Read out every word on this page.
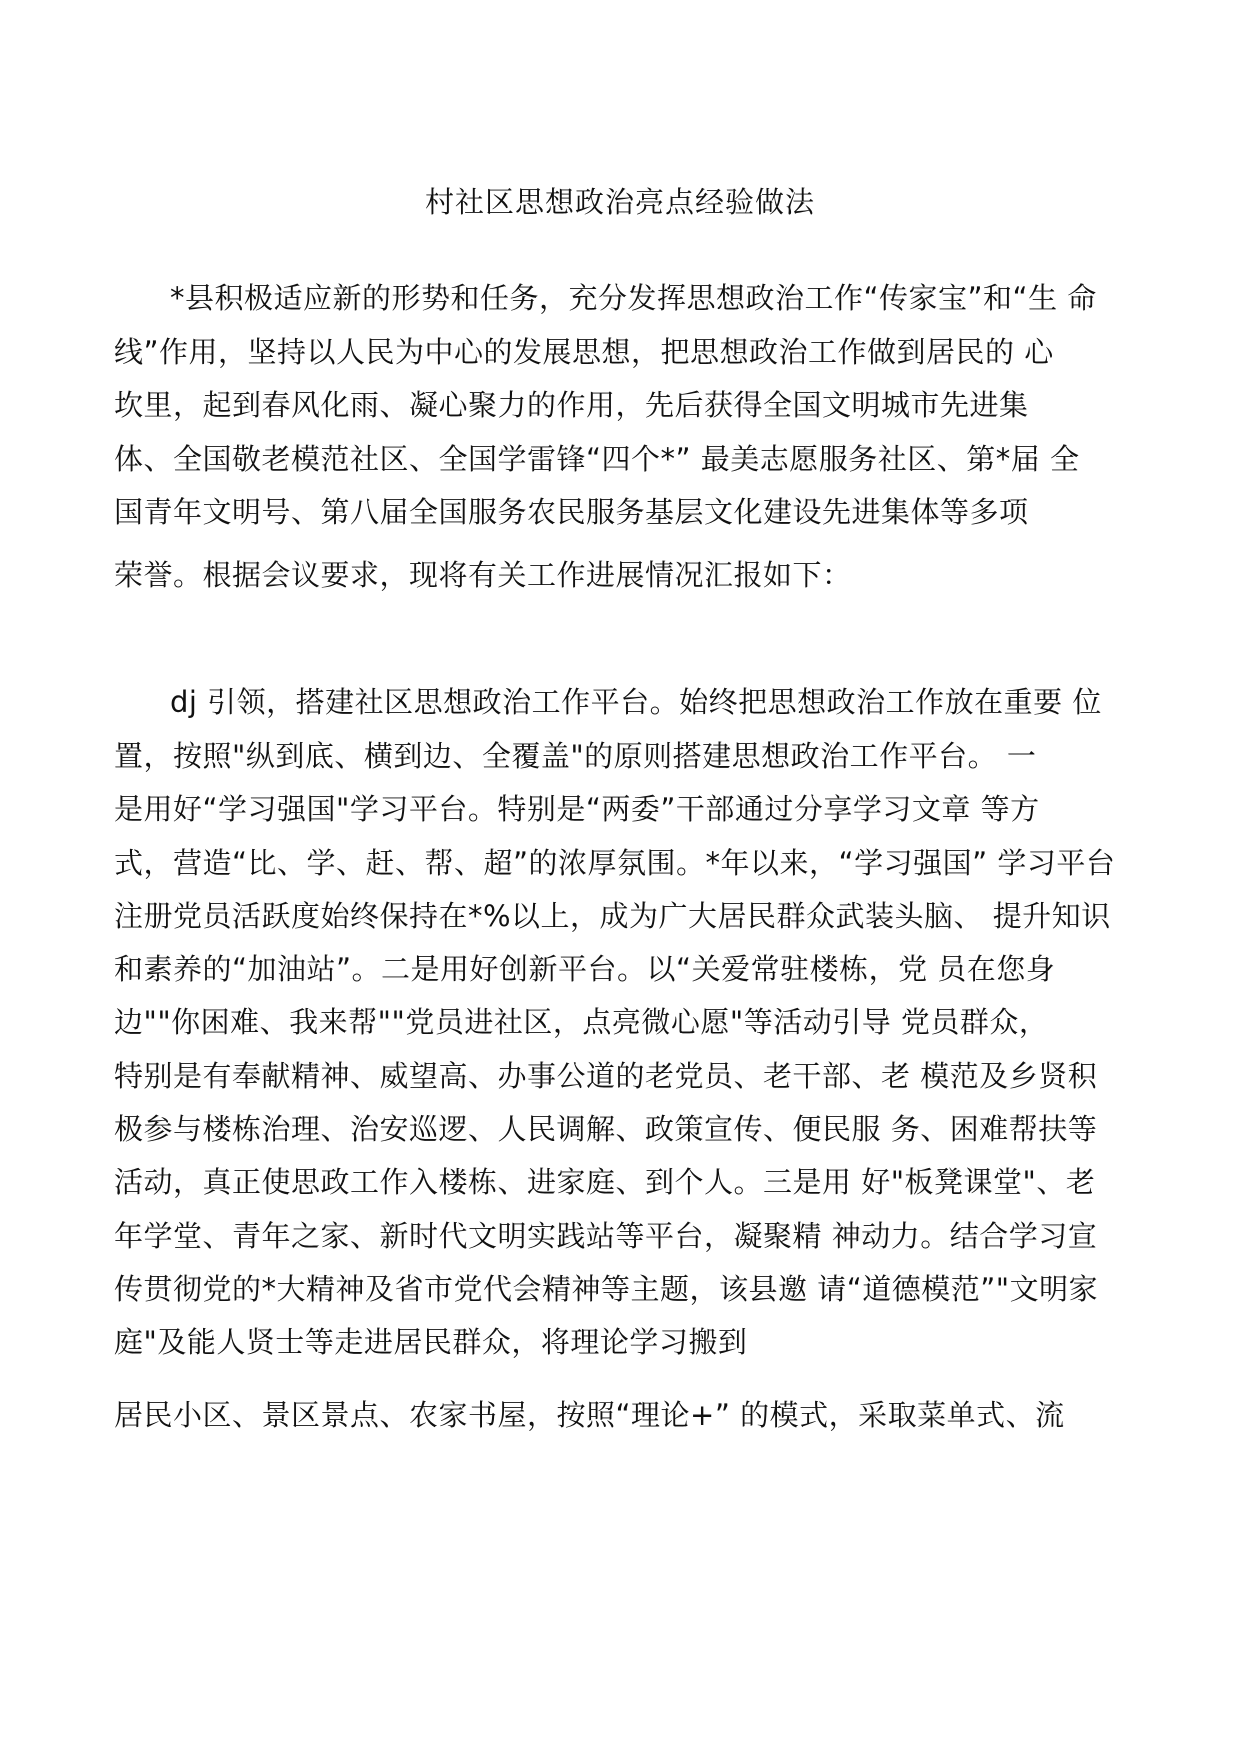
村社区思想政治亮点经验做法
*县积极适应新的形势和任务，充分发挥思想政治工作“传家宝”和“生 命
线”作用，坚持以人民为中心的发展思想，把思想政治工作做到居民的 心
坎里，起到春风化雨、凝心聚力的作用，先后获得全国文明城市先进集
体、全国敬老模范社区、全国学雷锋“四个*” 最美志愿服务社区、第*届 全
国青年文明号、第八届全国服务农民服务基层文化建设先进集体等多项
荣誉。根据会议要求，现将有关工作进展情况汇报如下：
dj 引领，搭建社区思想政治工作平台。始终把思想政治工作放在重要 位
置，按照"纵到底、横到边、全覆盖"的原则搭建思想政治工作平台。 一
是用好“学习强国"学习平台。特别是“两委”干部通过分享学习文章 等方
式，营造“比、学、赶、帮、超”的浓厚氛围。*年以来，“学习强国” 学习平台
注册党员活跃度始终保持在*%以上，成为广大居民群众武装头脑、 提升知识
和素养的“加油站”。二是用好创新平台。以“关爱常驻楼栋，党 员在您身
边""你困难、我来帮""党员进社区，点亮微心愿"等活动引导 党员群众，
特别是有奉献精神、威望高、办事公道的老党员、老干部、老 模范及乡贤积
极参与楼栋治理、治安巡逻、人民调解、政策宣传、便民服 务、困难帮扶等
活动，真正使思政工作入楼栋、进家庭、到个人。三是用 好"板凳课堂"、老
年学堂、青年之家、新时代文明实践站等平台，凝聚精 神动力。结合学习宣
传贯彻党的*大精神及省市党代会精神等主题，该县邀 请“道德模范”"文明家
庭"及能人贤士等走进居民群众，将理论学习搬到
居民小区、景区景点、农家书屋，按照“理论+” 的模式，采取菜单式、流
